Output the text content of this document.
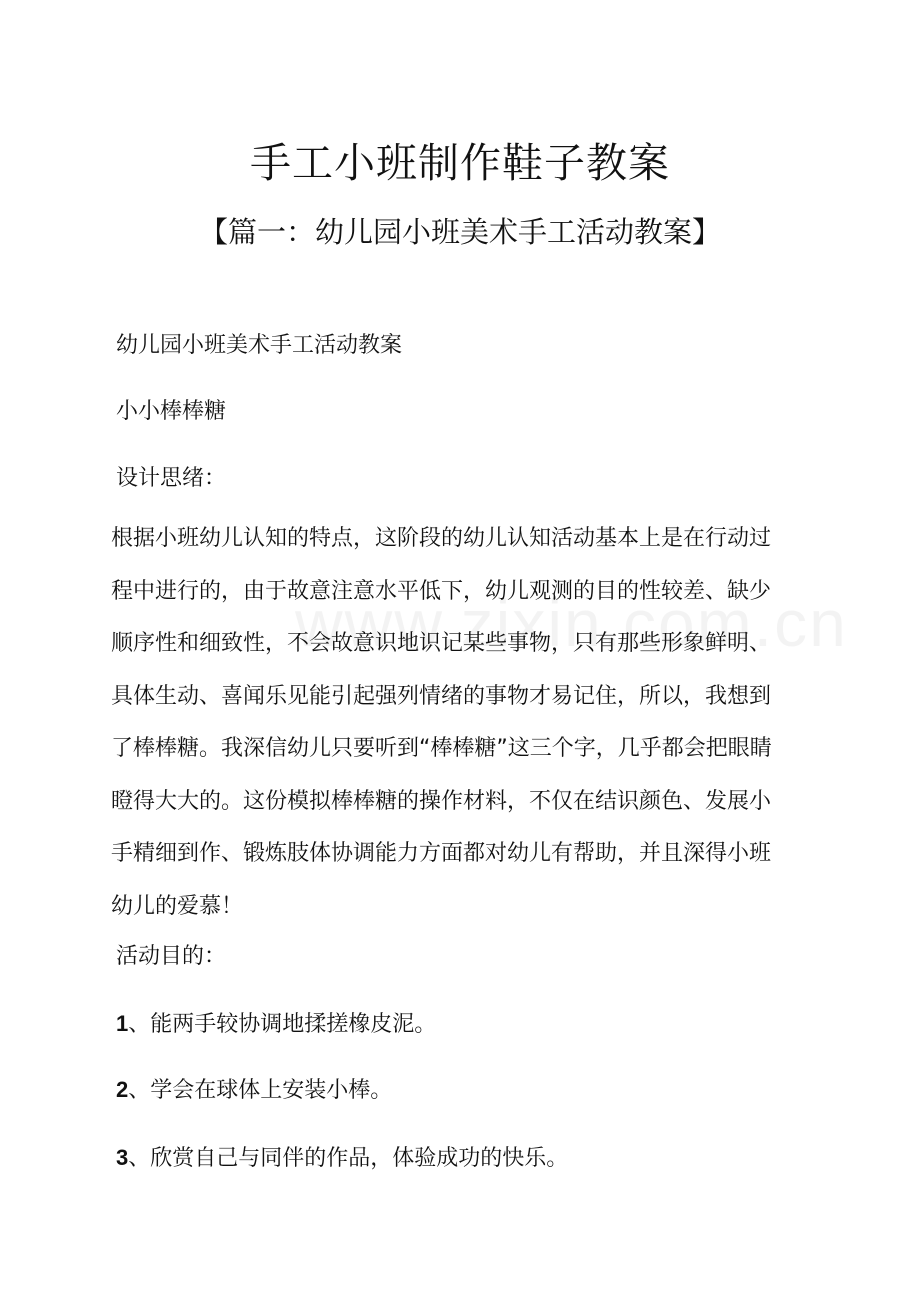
手工小班制作鞋子教案
【篇一：幼儿园小班美术手工活动教案】
幼儿园小班美术手工活动教案
小小棒棒糖
设计思绪：
根据小班幼儿认知的特点，这阶段的幼儿认知活动基本上是在行动过
程中进行的，由于故意注意水平低下，幼儿观测的目的性较差、缺少
顺序性和细致性，不会故意识地识记某些事物，只有那些形象鲜明、
具体生动、喜闻乐见能引起强列情绪的事物才易记住，所以，我想到
了棒棒糖。我深信幼儿只要听到“棒棒糖”这三个字，几乎都会把眼睛
瞪得大大的。这份模拟棒棒糖的操作材料，不仅在结识颜色、发展小
手精细到作、锻炼肢体协调能力方面都对幼儿有帮助，并且深得小班
幼儿的爱慕！
活动目的：
1、能两手较协调地揉搓橡皮泥。
2、学会在球体上安装小棒。
3、欣赏自己与同伴的作品，体验成功的快乐。
